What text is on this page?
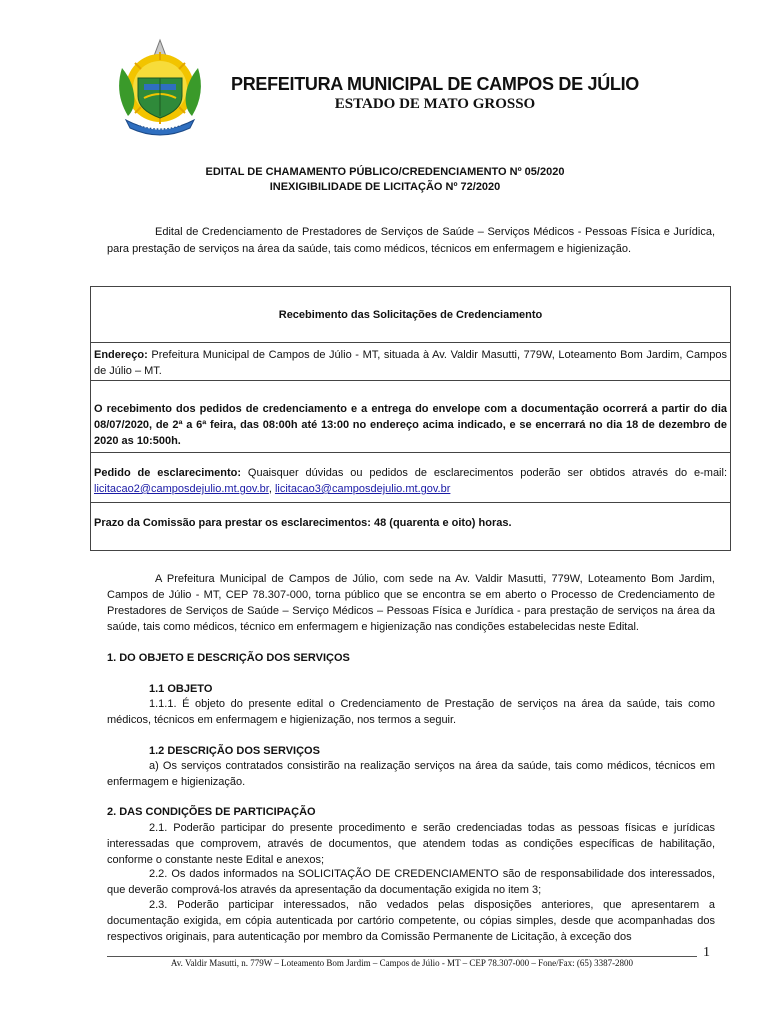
PREFEITURA MUNICIPAL DE CAMPOS DE JÚLIO
ESTADO DE MATO GROSSO
EDITAL DE CHAMAMENTO PÚBLICO/CREDENCIAMENTO Nº 05/2020
INEXIGIBILIDADE DE LICITAÇÃO Nº 72/2020
Edital de Credenciamento de Prestadores de Serviços de Saúde – Serviços Médicos - Pessoas Física e Jurídica, para prestação de serviços na área da saúde, tais como médicos, técnicos em enfermagem e higienização.
Recebimento das Solicitações de Credenciamento
Endereço: Prefeitura Municipal de Campos de Júlio - MT, situada à Av. Valdir Masutti, 779W, Loteamento Bom Jardim, Campos de Júlio – MT.
O recebimento dos pedidos de credenciamento e a entrega do envelope com a documentação ocorrerá a partir do dia 08/07/2020, de 2ª a 6ª feira, das 08:00h até 13:00 no endereço acima indicado, e se encerrará no dia 18 de dezembro de 2020 as 10:500h.
Pedido de esclarecimento: Quaisquer dúvidas ou pedidos de esclarecimentos poderão ser obtidos através do e-mail: licitacao2@camposdejulio.mt.gov.br, licitacao3@camposdejulio.mt.gov.br
Prazo da Comissão para prestar os esclarecimentos: 48 (quarenta e oito) horas.
A Prefeitura Municipal de Campos de Júlio, com sede na Av. Valdir Masutti, 779W, Loteamento Bom Jardim, Campos de Júlio - MT, CEP 78.307-000, torna público que se encontra se em aberto o Processo de Credenciamento de Prestadores de Serviços de Saúde – Serviço Médicos – Pessoas Física e Jurídica - para prestação de serviços na área da saúde, tais como médicos, técnico em enfermagem e higienização nas condições estabelecidas neste Edital.
1. DO OBJETO E DESCRIÇÃO DOS SERVIÇOS
1.1 OBJETO
1.1.1. É objeto do presente edital o Credenciamento de Prestação de serviços na área da saúde, tais como médicos, técnicos em enfermagem e higienização, nos termos a seguir.
1.2 DESCRIÇÃO DOS SERVIÇOS
a) Os serviços contratados consistirão na realização serviços na área da saúde, tais como médicos, técnicos em enfermagem e higienização.
2. DAS CONDIÇÕES DE PARTICIPAÇÃO
2.1. Poderão participar do presente procedimento e serão credenciadas todas as pessoas físicas e jurídicas interessadas que comprovem, através de documentos, que atendem todas as condições específicas de habilitação, conforme o constante neste Edital e anexos;
2.2. Os dados informados na SOLICITAÇÃO DE CREDENCIAMENTO são de responsabilidade dos interessados, que deverão comprová-los através da apresentação da documentação exigida no item 3;
2.3. Poderão participar interessados, não vedados pelas disposições anteriores, que apresentarem a documentação exigida, em cópia autenticada por cartório competente, ou cópias simples, desde que acompanhadas dos respectivos originais, para autenticação por membro da Comissão Permanente de Licitação, à exceção dos
Av. Valdir Masutti, n. 779W – Loteamento Bom Jardim – Campos de Júlio - MT – CEP 78.307-000 – Fone/Fax: (65) 3387-2800
1
